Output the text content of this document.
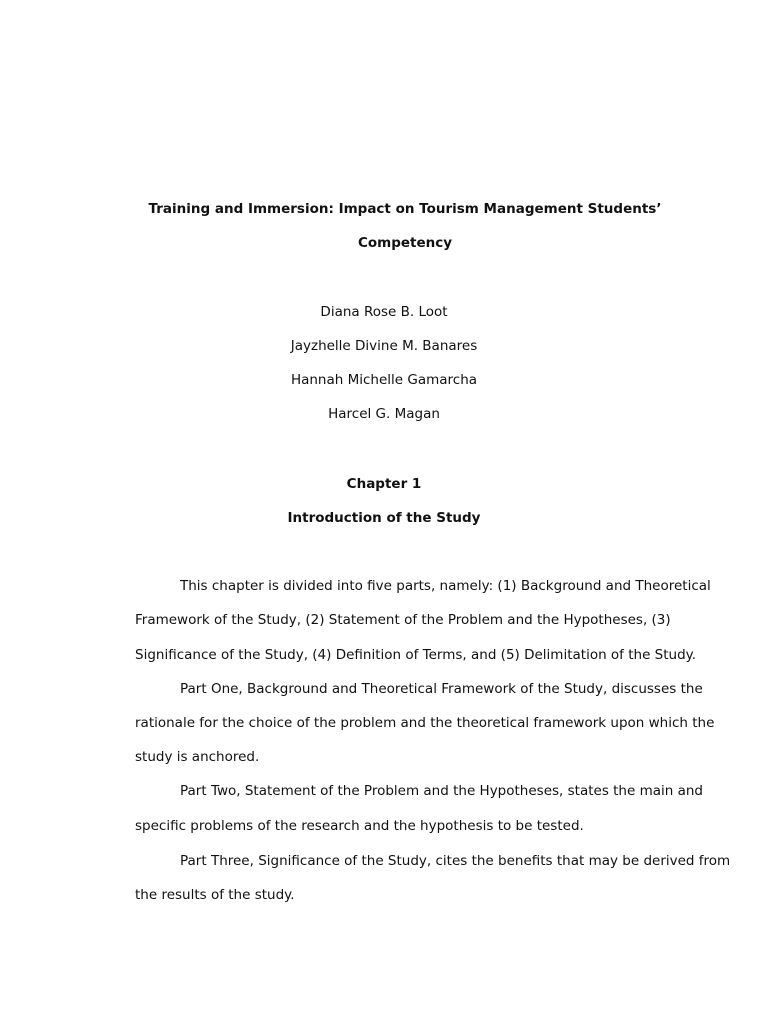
Training and Immersion: Impact on Tourism Management Students’
Competency
Diana Rose B. Loot
Jayzhelle Divine M. Banares
Hannah Michelle Gamarcha
Harcel G. Magan
Chapter 1
Introduction of the Study
This chapter is divided into five parts, namely: (1) Background and Theoretical
Framework of the Study, (2) Statement of the Problem and the Hypotheses, (3)
Significance of the Study, (4) Definition of Terms, and (5) Delimitation of the Study.
Part One, Background and Theoretical Framework of the Study, discusses the
rationale for the choice of the problem and the theoretical framework upon which the
study is anchored.
Part Two, Statement of the Problem and the Hypotheses, states the main and
specific problems of the research and the hypothesis to be tested.
Part Three, Significance of the Study, cites the benefits that may be derived from
the results of the study.
